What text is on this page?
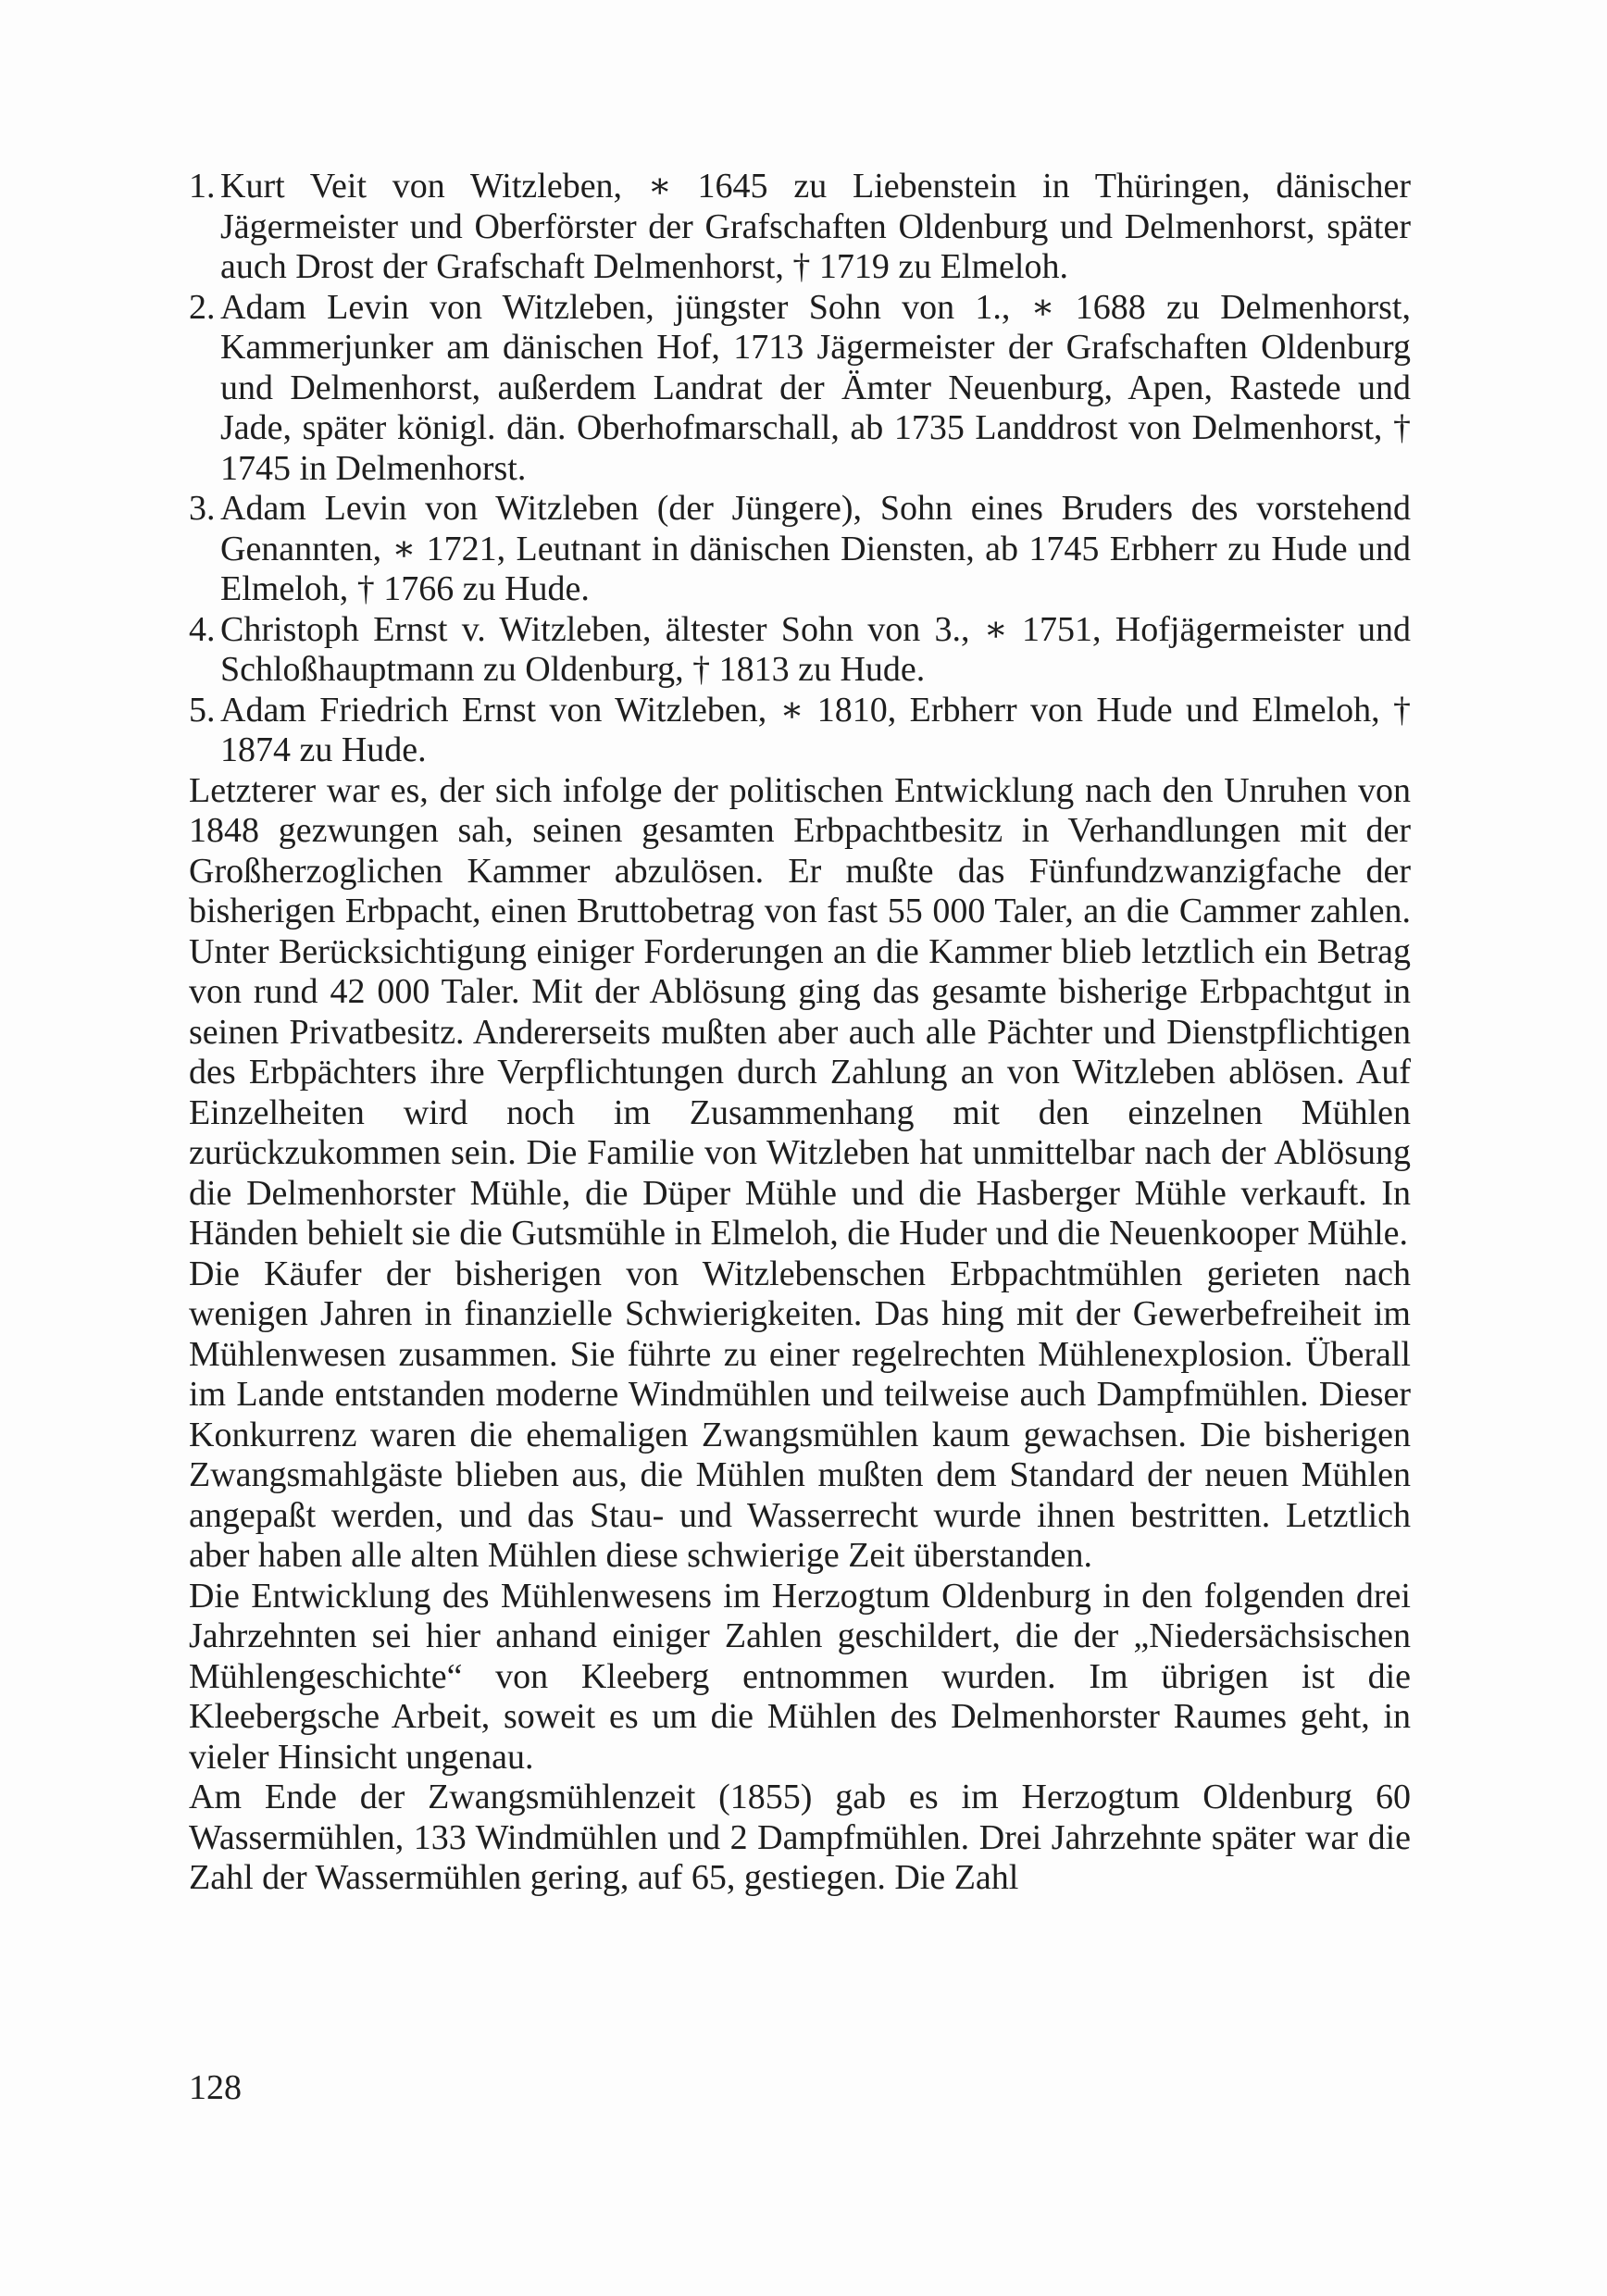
1. Kurt Veit von Witzleben, ∗ 1645 zu Liebenstein in Thüringen, dänischer Jägermeister und Oberförster der Grafschaften Oldenburg und Delmenhorst, später auch Drost der Grafschaft Delmenhorst, † 1719 zu Elmeloh.
2. Adam Levin von Witzleben, jüngster Sohn von 1., ∗ 1688 zu Delmenhorst, Kammerjunker am dänischen Hof, 1713 Jägermeister der Grafschaften Oldenburg und Delmenhorst, außerdem Landrat der Ämter Neuenburg, Apen, Rastede und Jade, später königl. dän. Oberhofmarschall, ab 1735 Landdrost von Delmenhorst, † 1745 in Delmenhorst.
3. Adam Levin von Witzleben (der Jüngere), Sohn eines Bruders des vorstehend Genannten, ∗ 1721, Leutnant in dänischen Diensten, ab 1745 Erbherr zu Hude und Elmeloh, † 1766 zu Hude.
4. Christoph Ernst v. Witzleben, ältester Sohn von 3., ∗ 1751, Hofjägermeister und Schloßhauptmann zu Oldenburg, † 1813 zu Hude.
5. Adam Friedrich Ernst von Witzleben, ∗ 1810, Erbherr von Hude und Elmeloh, † 1874 zu Hude.

Letzterer war es, der sich infolge der politischen Entwicklung nach den Unruhen von 1848 gezwungen sah, seinen gesamten Erbpachtbesitz in Verhandlungen mit der Großherzoglichen Kammer abzulösen. Er mußte das Fünfundzwanzigfache der bisherigen Erbpacht, einen Bruttobetrag von fast 55 000 Taler, an die Cammer zahlen. Unter Berücksichtigung einiger Forderungen an die Kammer blieb letztlich ein Betrag von rund 42 000 Taler. Mit der Ablösung ging das gesamte bisherige Erbpachtgut in seinen Privatbesitz. Andererseits mußten aber auch alle Pächter und Dienstpflichtigen des Erbpächters ihre Verpflichtungen durch Zahlung an von Witzleben ablösen. Auf Einzelheiten wird noch im Zusammenhang mit den einzelnen Mühlen zurückzukommen sein. Die Familie von Witzleben hat unmittelbar nach der Ablösung die Delmenhorster Mühle, die Düper Mühle und die Hasberger Mühle verkauft. In Händen behielt sie die Gutsmühle in Elmeloh, die Huder und die Neuenkooper Mühle.

Die Käufer der bisherigen von Witzlebenschen Erbpachtmühlen gerieten nach wenigen Jahren in finanzielle Schwierigkeiten. Das hing mit der Gewerbefreiheit im Mühlenwesen zusammen. Sie führte zu einer regelrechten Mühlenexplosion. Überall im Lande entstanden moderne Windmühlen und teilweise auch Dampfmühlen. Dieser Konkurrenz waren die ehemaligen Zwangsmühlen kaum gewachsen. Die bisherigen Zwangsmahlgäste blieben aus, die Mühlen mußten dem Standard der neuen Mühlen angepaßt werden, und das Stau- und Wasserrecht wurde ihnen bestritten. Letztlich aber haben alle alten Mühlen diese schwierige Zeit überstanden.

Die Entwicklung des Mühlenwesens im Herzogtum Oldenburg in den folgenden drei Jahrzehnten sei hier anhand einiger Zahlen geschildert, die der „Niedersächsischen Mühlengeschichte“ von Kleeberg entnommen wurden. Im übrigen ist die Kleebergsche Arbeit, soweit es um die Mühlen des Delmenhorster Raumes geht, in vieler Hinsicht ungenau.

Am Ende der Zwangsmühlenzeit (1855) gab es im Herzogtum Oldenburg 60 Wassermühlen, 133 Windmühlen und 2 Dampfmühlen. Drei Jahrzehnte später war die Zahl der Wassermühlen gering, auf 65, gestiegen. Die Zahl

128
